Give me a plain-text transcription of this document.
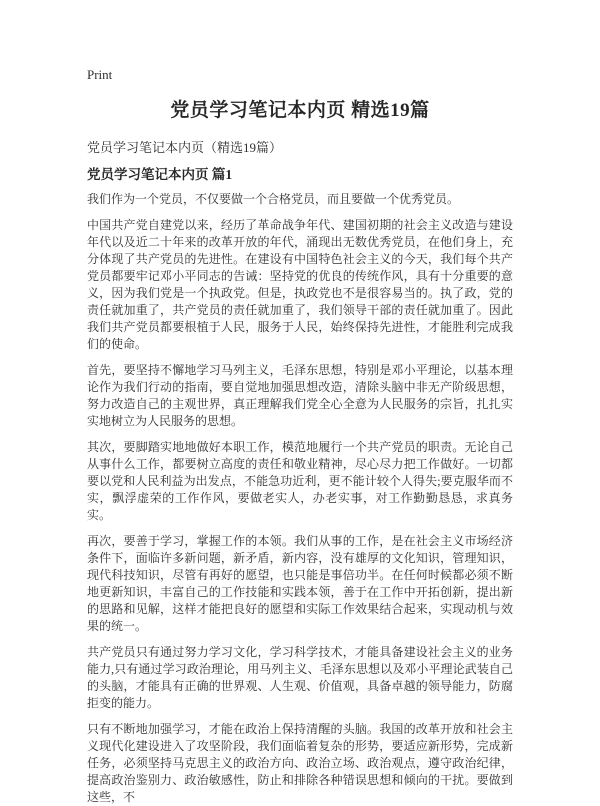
Print
党员学习笔记本内页 精选19篇
党员学习笔记本内页（精选19篇）
党员学习笔记本内页 篇1

我们作为一个党员，不仅要做一个合格党员，而且要做一个优秀党员。

中国共产党自建党以来，经历了革命战争年代、建国初期的社会主义改造与建设年代以及近二十年来的改革开放的年代，涌现出无数优秀党员，在他们身上，充分体现了共产党员的先进性。在建设有中国特色社会主义的今天，我们每个共产党员都要牢记邓小平同志的告诫：坚持党的优良的传统作风，具有十分重要的意义，因为我们党是一个执政党。但是，执政党也不是很容易当的。执了政，党的责任就加重了，共产党员的责任就加重了，我们领导干部的责任就加重了。因此我们共产党员都要根植于人民，服务于人民，始终保持先进性，才能胜利完成我们的使命。

首先，要坚持不懈地学习马列主义，毛泽东思想，特别是邓小平理论，以基本理论作为我们行动的指南，要自觉地加强思想改造，清除头脑中非无产阶级思想，努力改造自己的主观世界，真正理解我们党全心全意为人民服务的宗旨，扎扎实实地树立为人民服务的思想。

其次，要脚踏实地地做好本职工作，模范地履行一个共产党员的职责。无论自己从事什么工作，都要树立高度的责任和敬业精神，尽心尽力把工作做好。一切都要以党和人民利益为出发点，不能急功近利，更不能计较个人得失;要克服华而不实，飘浮虚荣的工作作风，要做老实人，办老实事，对工作勤勤恳恳，求真务实。

再次，要善于学习，掌握工作的本领。我们从事的工作，是在社会主义市场经济条件下，面临许多新问题，新矛盾，新内容，没有雄厚的文化知识，管理知识，现代科技知识，尽管有再好的愿望，也只能是事倍功半。在任何时候都必须不断地更新知识，丰富自己的工作技能和实践本领，善于在工作中开拓创新，提出新的思路和见解，这样才能把良好的愿望和实际工作效果结合起来，实现动机与效果的统一。

共产党员只有通过努力学习文化，学习科学技术，才能具备建设社会主义的业务能力,只有通过学习政治理论，用马列主义、毛泽东思想以及邓小平理论武装自己的头脑，才能具有正确的世界观、人生观、价值观，具备卓越的领导能力，防腐拒变的能力。

只有不断地加强学习，才能在政治上保持清醒的头脑。我国的改革开放和社会主义现代化建设进入了攻坚阶段，我们面临着复杂的形势，要适应新形势，完成新任务，必须坚持马克思主义的政治方向、政治立场、政治观点，遵守政治纪律，提高政治鉴别力、政治敏感性，防止和排除各种错误思想和倾向的干扰。要做到这些，不
